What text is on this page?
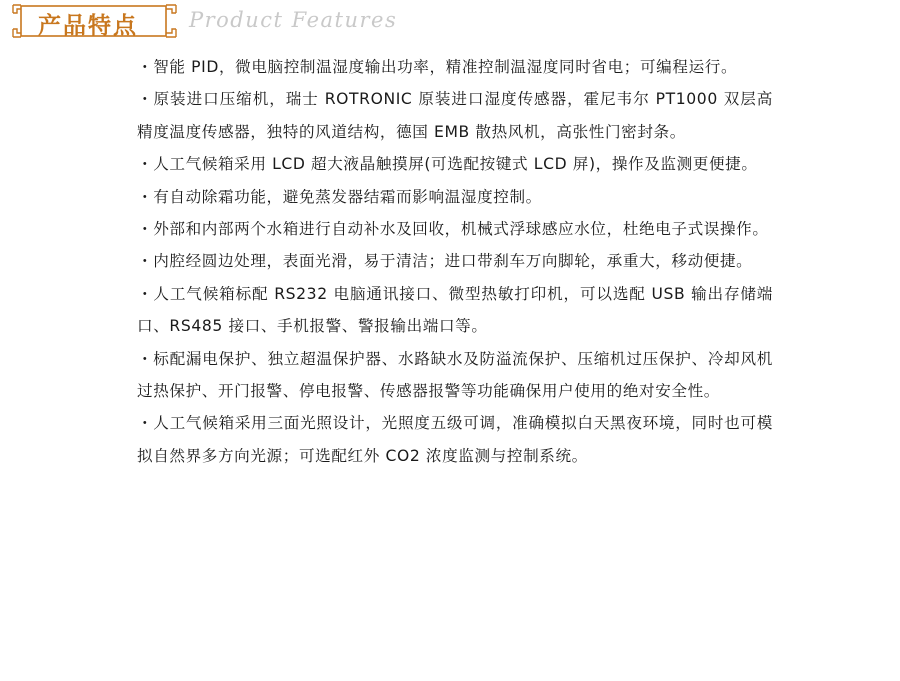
产品特点 Product Features
・智能 PID，微电脑控制温湿度输出功率，精准控制温湿度同时省电；可编程运行。
・原装进口压缩机，瑞士 ROTRONIC 原装进口湿度传感器，霍尼韦尔 PT1000 双层高精度温度传感器，独特的风道结构，德国 EMB 散热风机，高张性门密封条。
・人工气候箱采用 LCD 超大液晶触摸屏(可选配按键式 LCD 屏)，操作及监测更便捷。
・有自动除霜功能，避免蒸发器结霜而影响温湿度控制。
・外部和内部两个水箱进行自动补水及回收，机械式浮球感应水位，杜绝电子式误操作。
・内腔经圆边处理，表面光滑，易于清洁；进口带刹车万向脚轮，承重大，移动便捷。
・人工气候箱标配 RS232 电脑通讯接口、微型热敏打印机，可以选配 USB 输出存储端口、RS485 接口、手机报警、警报输出端口等。
・标配漏电保护、独立超温保护器、水路缺水及防溢流保护、压缩机过压保护、冷却风机过热保护、开门报警、停电报警、传感器报警等功能确保用户使用的绝对安全性。
・人工气候箱采用三面光照设计，光照度五级可调，准确模拟白天黑夜环境，同时也可模拟自然界多方向光源；可选配红外 CO2 浓度监测与控制系统。
